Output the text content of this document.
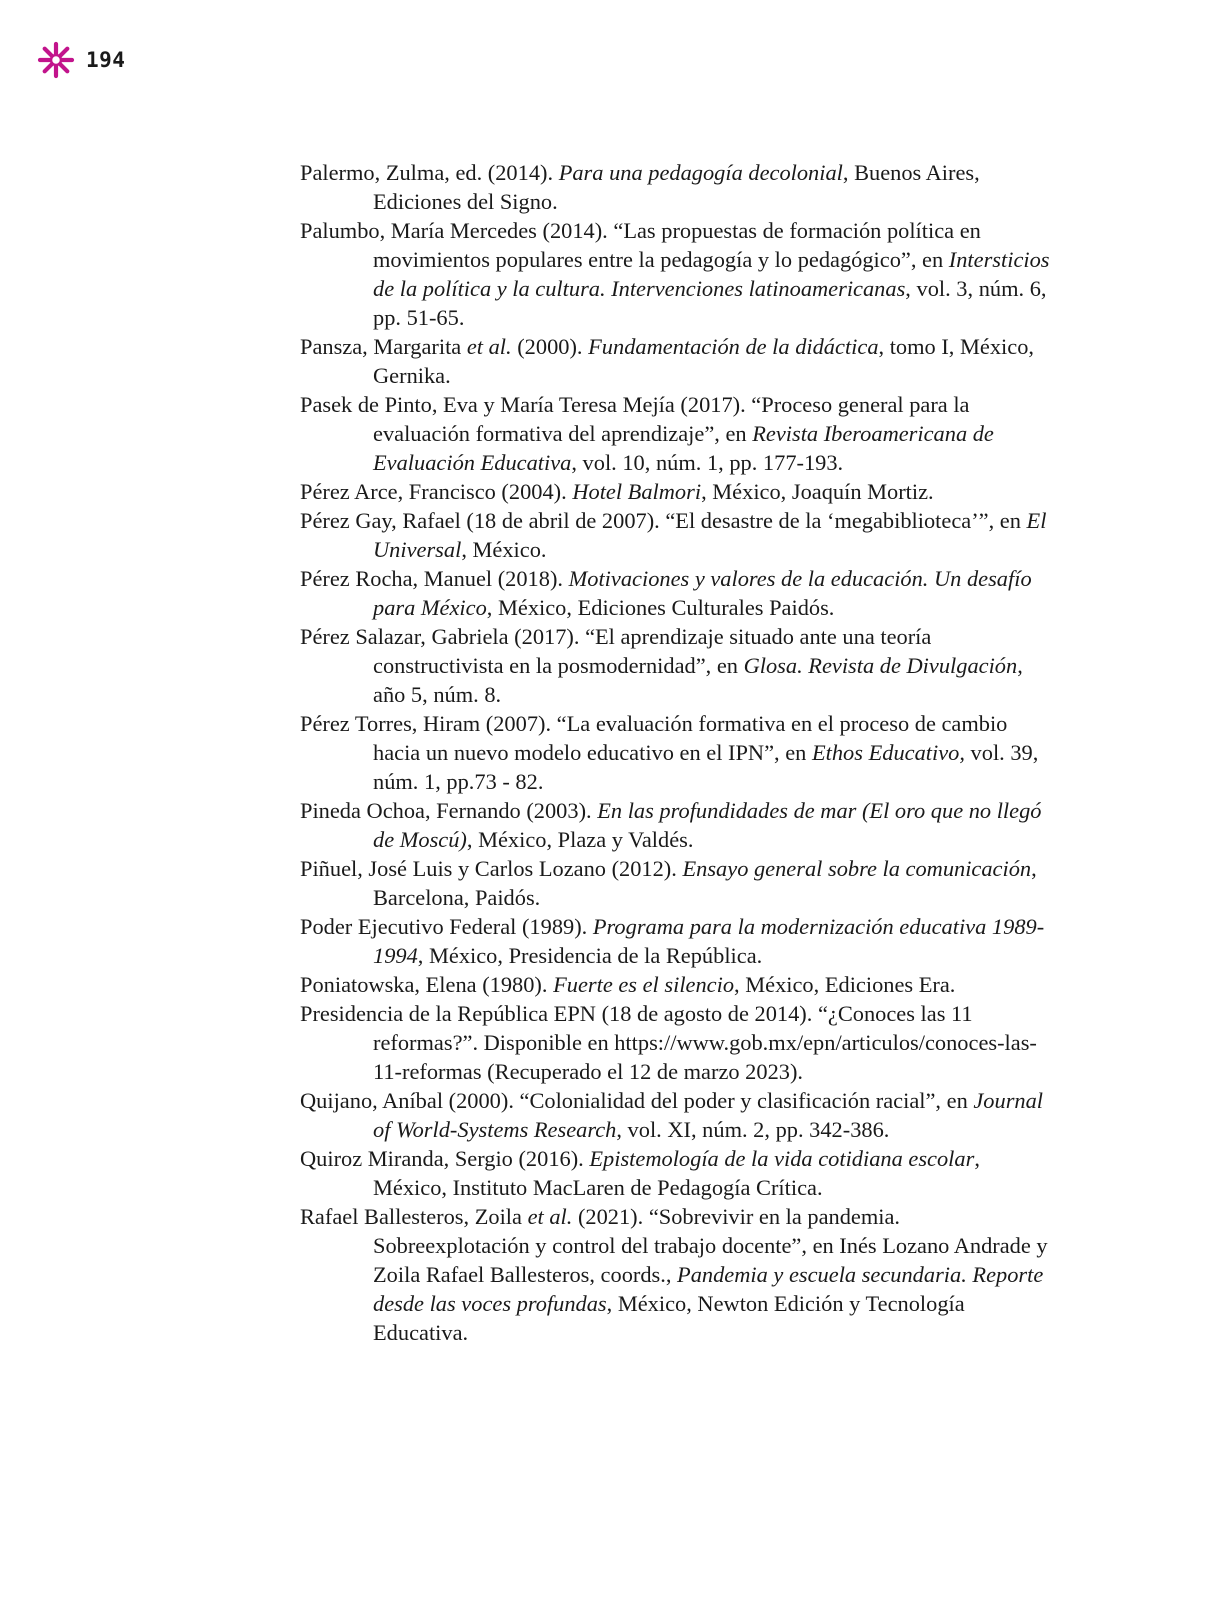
194
Palermo, Zulma, ed. (2014). Para una pedagogía decolonial, Buenos Aires, Ediciones del Signo.
Palumbo, María Mercedes (2014). “Las propuestas de formación política en movimientos populares entre la pedagogía y lo pedagógico”, en Intersticios de la política y la cultura. Intervenciones latinoamericanas, vol. 3, núm. 6, pp. 51-65.
Pansza, Margarita et al. (2000). Fundamentación de la didáctica, tomo I, México, Gernika.
Pasek de Pinto, Eva y María Teresa Mejía (2017). “Proceso general para la evaluación formativa del aprendizaje”, en Revista Iberoamericana de Evaluación Educativa, vol. 10, núm. 1, pp. 177-193.
Pérez Arce, Francisco (2004). Hotel Balmori, México, Joaquín Mortiz.
Pérez Gay, Rafael (18 de abril de 2007). “El desastre de la ‘megabiblioteca’”, en El Universal, México.
Pérez Rocha, Manuel (2018). Motivaciones y valores de la educación. Un desafío para México, México, Ediciones Culturales Paidós.
Pérez Salazar, Gabriela (2017). “El aprendizaje situado ante una teoría constructivista en la posmodernidad”, en Glosa. Revista de Divulgación, año 5, núm. 8.
Pérez Torres, Hiram (2007). “La evaluación formativa en el proceso de cambio hacia un nuevo modelo educativo en el IPN”, en Ethos Educativo, vol. 39, núm. 1, pp.73 - 82.
Pineda Ochoa, Fernando (2003). En las profundidades de mar (El oro que no llegó de Moscú), México, Plaza y Valdés.
Piñuel, José Luis y Carlos Lozano (2012). Ensayo general sobre la comunicación, Barcelona, Paidós.
Poder Ejecutivo Federal (1989). Programa para la modernización educativa 1989-1994, México, Presidencia de la República.
Poniatowska, Elena (1980). Fuerte es el silencio, México, Ediciones Era.
Presidencia de la República EPN (18 de agosto de 2014). “¿Conoces las 11 reformas?”. Disponible en https://www.gob.mx/epn/articulos/conoces-las-11-reformas (Recuperado el 12 de marzo 2023).
Quijano, Aníbal (2000). “Colonialidad del poder y clasificación racial”, en Journal of World-Systems Research, vol. XI, núm. 2, pp. 342-386.
Quiroz Miranda, Sergio (2016). Epistemología de la vida cotidiana escolar, México, Instituto MacLaren de Pedagogía Crítica.
Rafael Ballesteros, Zoila et al. (2021). “Sobrevivir en la pandemia. Sobreexplotación y control del trabajo docente”, en Inés Lozano Andrade y Zoila Rafael Ballesteros, coords., Pandemia y escuela secundaria. Reporte desde las voces profundas, México, Newton Edición y Tecnología Educativa.
